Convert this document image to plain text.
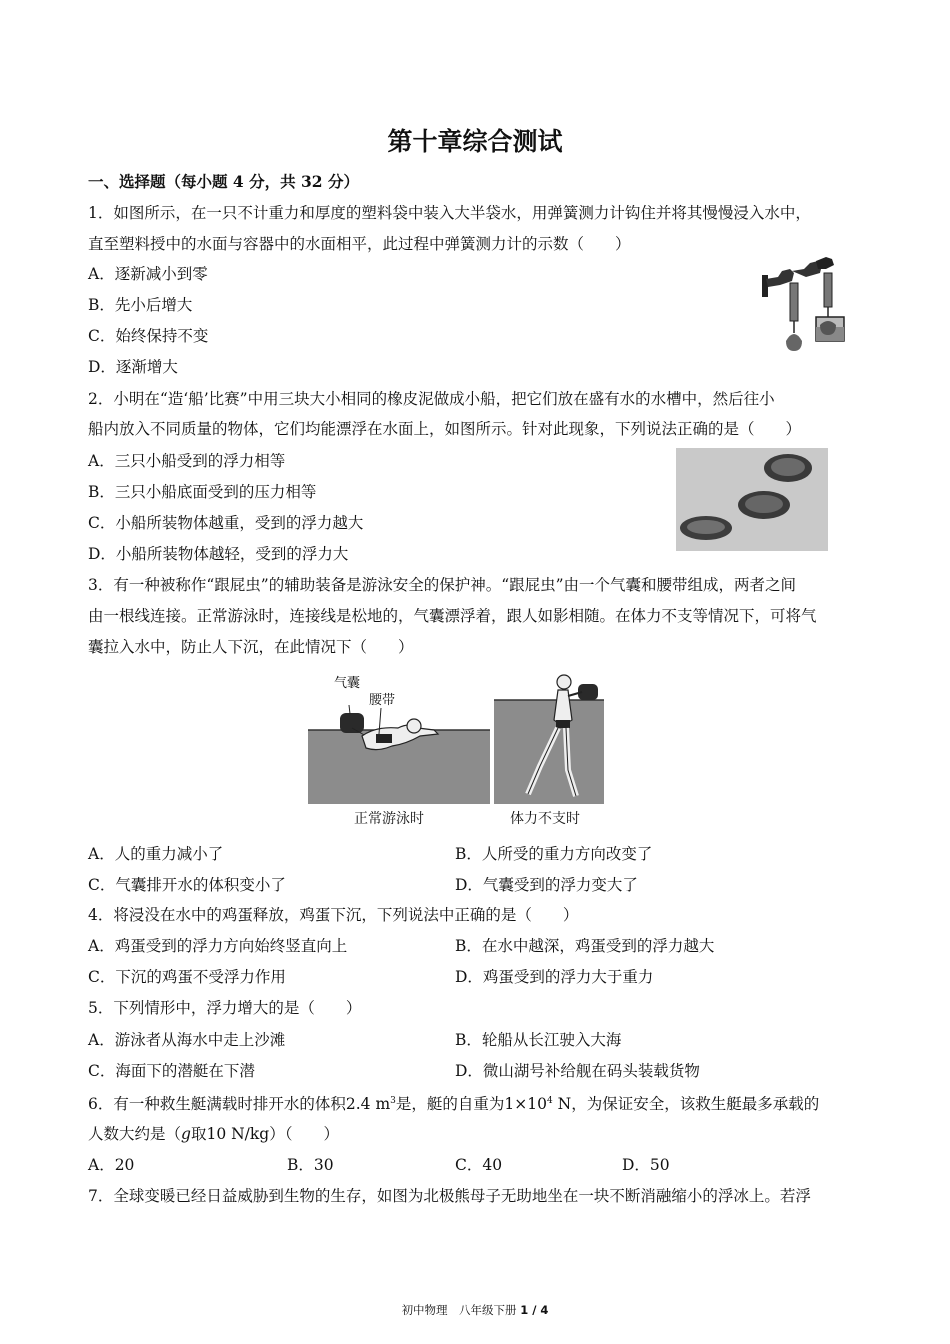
第十章综合测试
一、选择题（每小题 4 分，共 32 分）
1．如图所示，在一只不计重力和厚度的塑料袋中装入大半袋水，用弹簧测力计钩住并将其慢慢浸入水中，
直至塑料授中的水面与容器中的水面相平，此过程中弹簧测力计的示数（　　）
A．逐新减小到零
B．先小后增大
C．始终保持不变
D．逐渐增大
2．小明在“造‘船’比赛”中用三块大小相同的橡皮泥做成小船，把它们放在盛有水的水槽中，然后往小
船内放入不同质量的物体，它们均能漂浮在水面上，如图所示。针对此现象，下列说法正确的是（　　）
A．三只小船受到的浮力相等
B．三只小船底面受到的压力相等
C．小船所装物体越重，受到的浮力越大
D．小船所装物体越轻，受到的浮力大
3．有一种被称作“跟屁虫”的辅助装备是游泳安全的保护神。“跟屁虫”由一个气囊和腰带组成，两者之间
由一根线连接。正常游泳时，连接线是松地的，气囊漂浮着，跟人如影相随。在体力不支等情况下，可将气
囊拉入水中，防止人下沉，在此情况下（　　）
气囊
腰带
正常游泳时	体力不支时
A．人的重力减小了	B．人所受的重力方向改变了
C．气囊排开水的体积变小了	D．气囊受到的浮力变大了
4．将浸没在水中的鸡蛋释放，鸡蛋下沉，下列说法中正确的是（　　）
A．鸡蛋受到的浮力方向始终竖直向上	B．在水中越深，鸡蛋受到的浮力越大
C．下沉的鸡蛋不受浮力作用	D．鸡蛋受到的浮力大于重力
5．下列情形中，浮力增大的是（　　）
A．游泳者从海水中走上沙滩	B．轮船从长江驶入大海
C．海面下的潜艇在下潜	D．微山湖号补给舰在码头装载货物
6．有一种救生艇满载时排开水的体积2.4 $m^3$是，艇的自重为$1\times 10^4$ N，为保证安全，该救生艇最多承载的
人数大约是（g取10 N/kg）（　　）
A．20	B．30	C．40	D．50
7．全球变暖已经日益威胁到生物的生存，如图为北极熊母子无助地坐在一块不断消融缩小的浮冰上。若浮
初中物理　八年级下册 1 / 4
